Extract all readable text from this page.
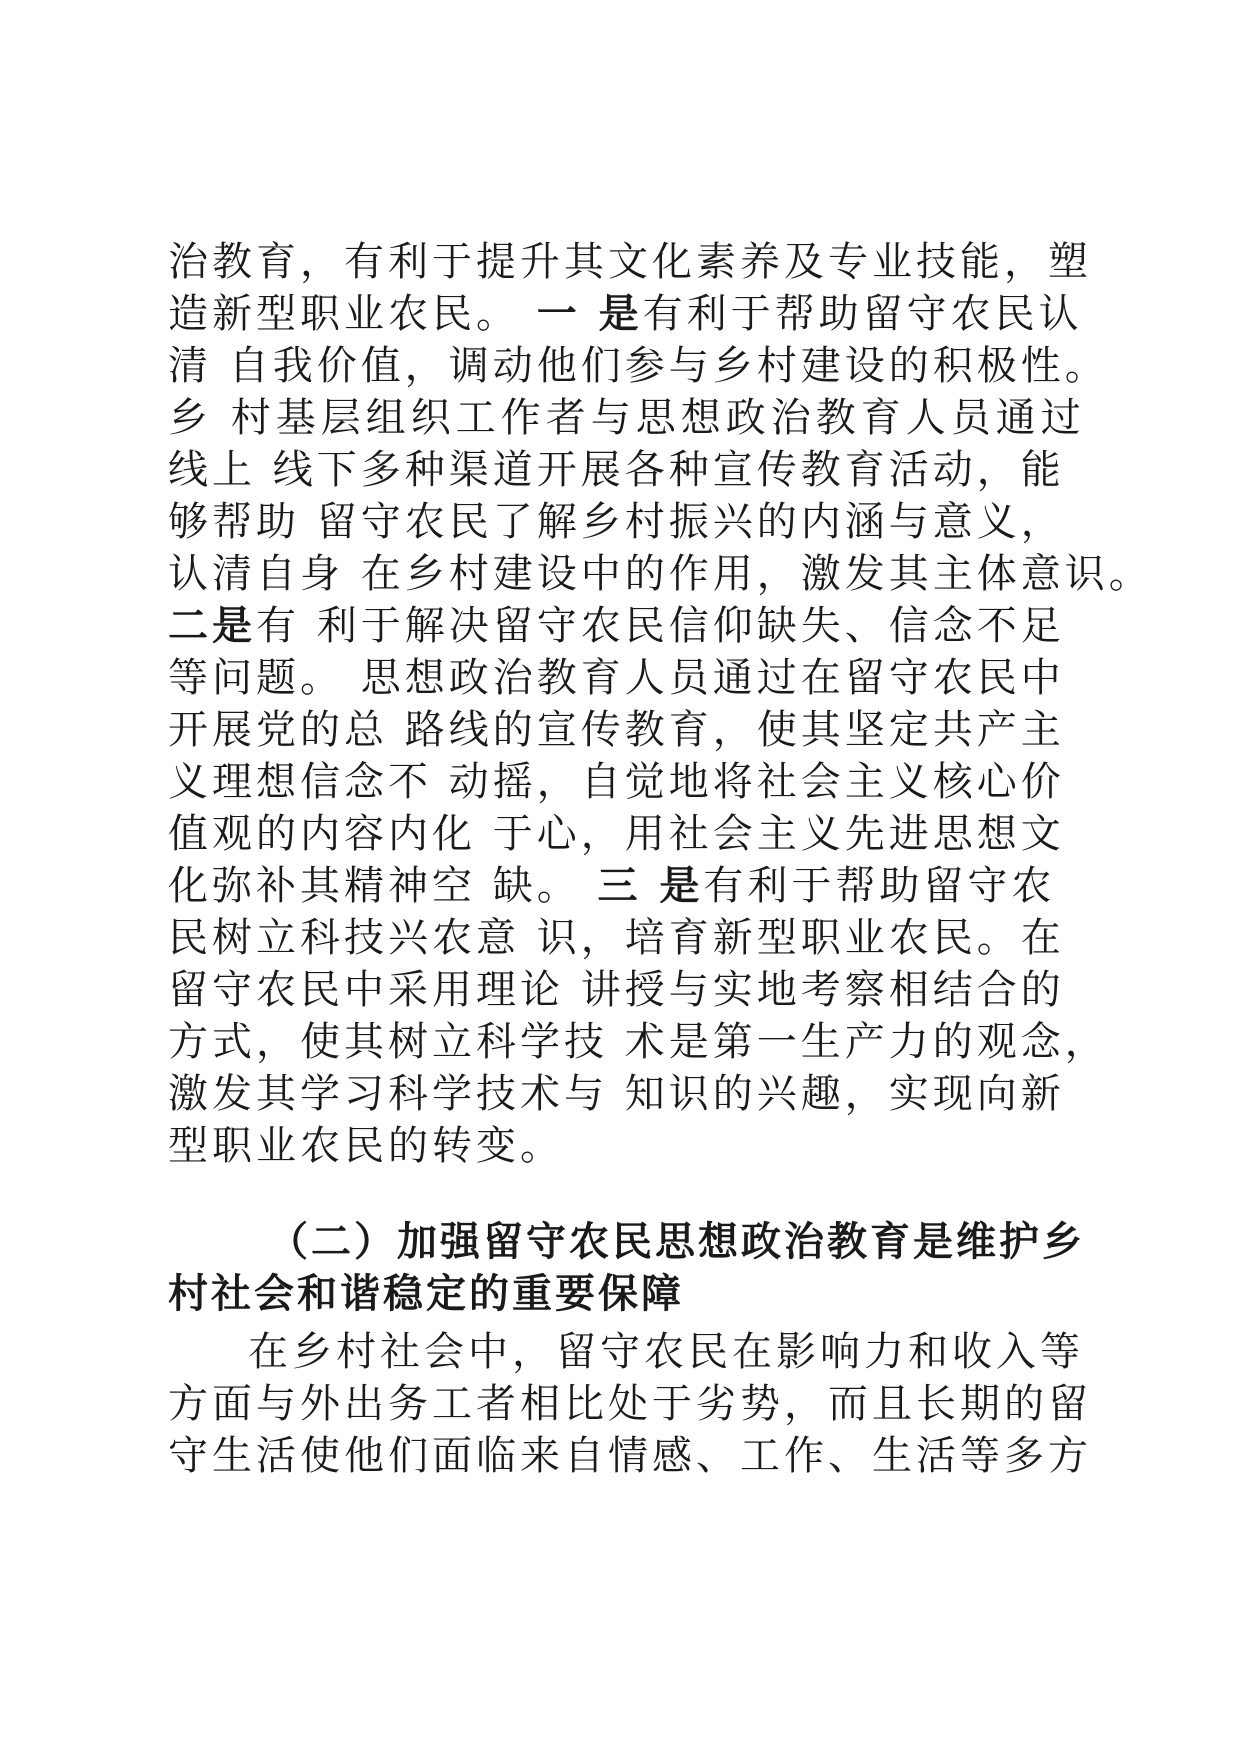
治教育，有利于提升其文化素养及专业技能，塑
造新型职业农民。 一 是有利于帮助留守农民认
清 自我价值，调动他们参与乡村建设的积极性。
乡 村基层组织工作者与思想政治教育人员通过
线上 线下多种渠道开展各种宣传教育活动，能
够帮助 留守农民了解乡村振兴的内涵与意义，
认清自身 在乡村建设中的作用，激发其主体意识。
二是有 利于解决留守农民信仰缺失、信念不足
等问题。 思想政治教育人员通过在留守农民中
开展党的总 路线的宣传教育，使其坚定共产主
义理想信念不 动摇，自觉地将社会主义核心价
值观的内容内化 于心，用社会主义先进思想文
化弥补其精神空 缺。 三 是有利于帮助留守农
民树立科技兴农意 识，培育新型职业农民。在
留守农民中采用理论 讲授与实地考察相结合的
方式，使其树立科学技 术是第一生产力的观念，
激发其学习科学技术与 知识的兴趣，实现向新
型职业农民的转变。
（二）加强留守农民思想政治教育是维护乡
村社会和谐稳定的重要保障
在乡村社会中，留守农民在影响力和收入等
方面与外出务工者相比处于劣势，而且长期的留
守生活使他们面临来自情感、工作、生活等多方
